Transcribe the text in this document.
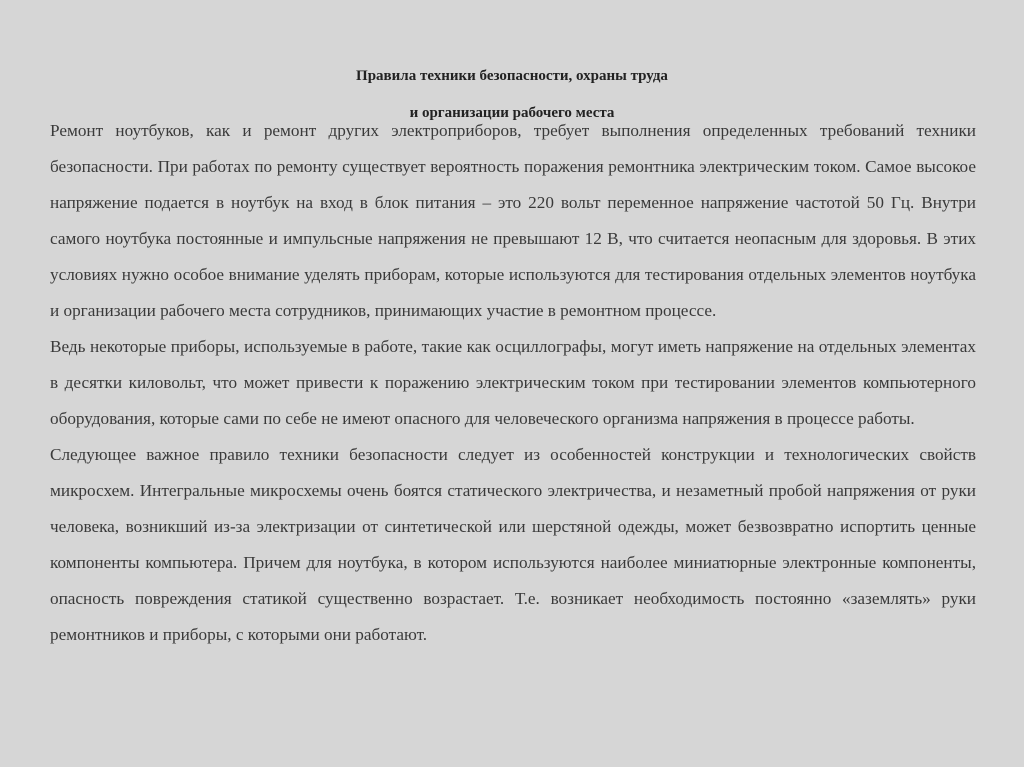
Правила техники безопасности, охраны труда
и организации рабочего места

Ремонт ноутбуков, как и ремонт других электроприборов, требует выполнения определенных требований техники безопасности. При работах по ремонту существует вероятность поражения ремонтника электрическим током. Самое высокое напряжение подается в ноутбук на вход в блок питания – это 220 вольт переменное напряжение частотой 50 Гц. Внутри самого ноутбука постоянные и импульсные напряжения не превышают 12 В, что считается неопасным для здоровья. В этих условиях нужно особое внимание уделять приборам, которые используются для тестирования отдельных элементов ноутбука и организации рабочего места сотрудников, принимающих участие в ремонтном процессе.

Ведь некоторые приборы, используемые в работе, такие как осциллографы, могут иметь напряжение на отдельных элементах в десятки киловольт, что может привести к поражению электрическим током при тестировании элементов компьютерного оборудования, которые сами по себе не имеют опасного для человеческого организма напряжения в процессе работы.

Следующее важное правило техники безопасности следует из особенностей конструкции и технологических свойств микросхем. Интегральные микросхемы очень боятся статического электричества, и незаметный пробой напряжения от руки человека, возникший из-за электризации от синтетической или шерстяной одежды, может безвозвратно испортить ценные компоненты компьютера. Причем для ноутбука, в котором используются наиболее миниатюрные электронные компоненты, опасность повреждения статикой существенно возрастает. Т.е. возникает необходимость постоянно «заземлять» руки ремонтников и приборы, с которыми они работают.
